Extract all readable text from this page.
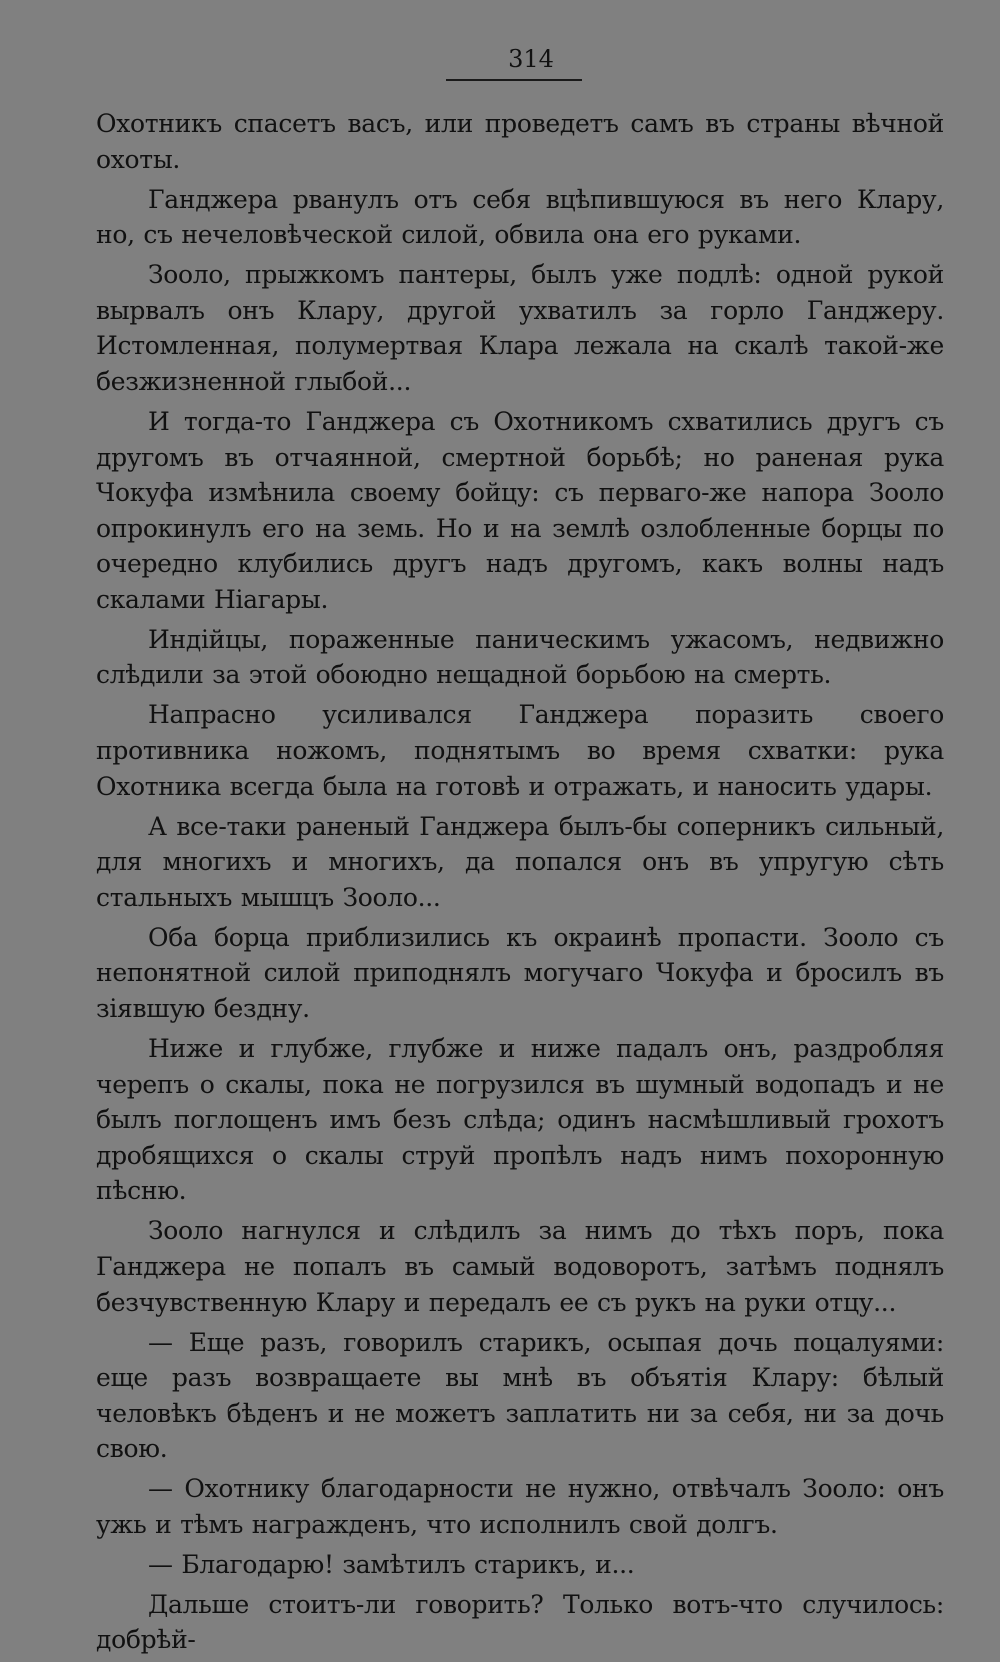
314

Охотникъ спасетъ васъ, или проведетъ самъ въ страны вѣчной охоты.

Ганджера рванулъ отъ себя вцѣпившуюся въ него Клару, но, съ нечеловѣческой силой, обвила она его руками.

Зооло, прыжкомъ пантеры, былъ уже подлѣ: одной рукой вырвалъ онъ Клару, другой ухватилъ за горло Ганджеру. Истомленная, полумертвая Клара лежала на скалѣ такой-же безжизненной глыбой...

И тогда-то Ганджера съ Охотникомъ схватились другъ съ другомъ въ отчаянной, смертной борьбѣ; но раненая рука Чокуфа измѣнила своему бойцу: съ перваго-же напора Зооло опрокинулъ его на земь. Но и на землѣ озлобленные борцы по очередно клубились другъ надъ другомъ, какъ волны надъ скалами Ніагары.

Индійцы, пораженные паническимъ ужасомъ, недвижно слѣдили за этой обоюдно нещадной борьбою на смерть.

Напрасно усиливался Ганджера поразить своего противника ножомъ, поднятымъ во время схватки: рука Охотника всегда была на готовѣ и отражать, и наносить удары.

А все-таки раненый Ганджера былъ-бы соперникъ сильный, для многихъ и многихъ, да попался онъ въ упругую сѣть стальныхъ мышцъ Зооло...

Оба борца приблизились къ окраинѣ пропасти. Зооло съ непонятной силой приподнялъ могучаго Чокуфа и бросилъ въ зіявшую бездну.

Ниже и глубже, глубже и ниже падалъ онъ, раздробляя черепъ о скалы, пока не погрузился въ шумный водопадъ и не былъ поглощенъ имъ безъ слѣда; одинъ насмѣшливый грохотъ дробящихся о скалы струй пропѣлъ надъ нимъ похоронную пѣсню.

Зооло нагнулся и слѣдилъ за нимъ до тѣхъ поръ, пока Ганджера не попалъ въ самый водоворотъ, затѣмъ поднялъ безчувственную Клару и передалъ ее съ рукъ на руки отцу...

— Еще разъ, говорилъ старикъ, осыпая дочь поцалуями: еще разъ возвращаете вы мнѣ въ объятія Клару: бѣлый человѣкъ бѣденъ и не можетъ заплатить ни за себя, ни за дочь свою.

— Охотнику благодарности не нужно, отвѣчалъ Зооло: онъ ужь и тѣмъ награжденъ, что исполнилъ свой долгъ.

— Благодарю! замѣтилъ старикъ, и...

Дальше стоитъ-ли говорить? Только вотъ-что случилось: добрѣй-
